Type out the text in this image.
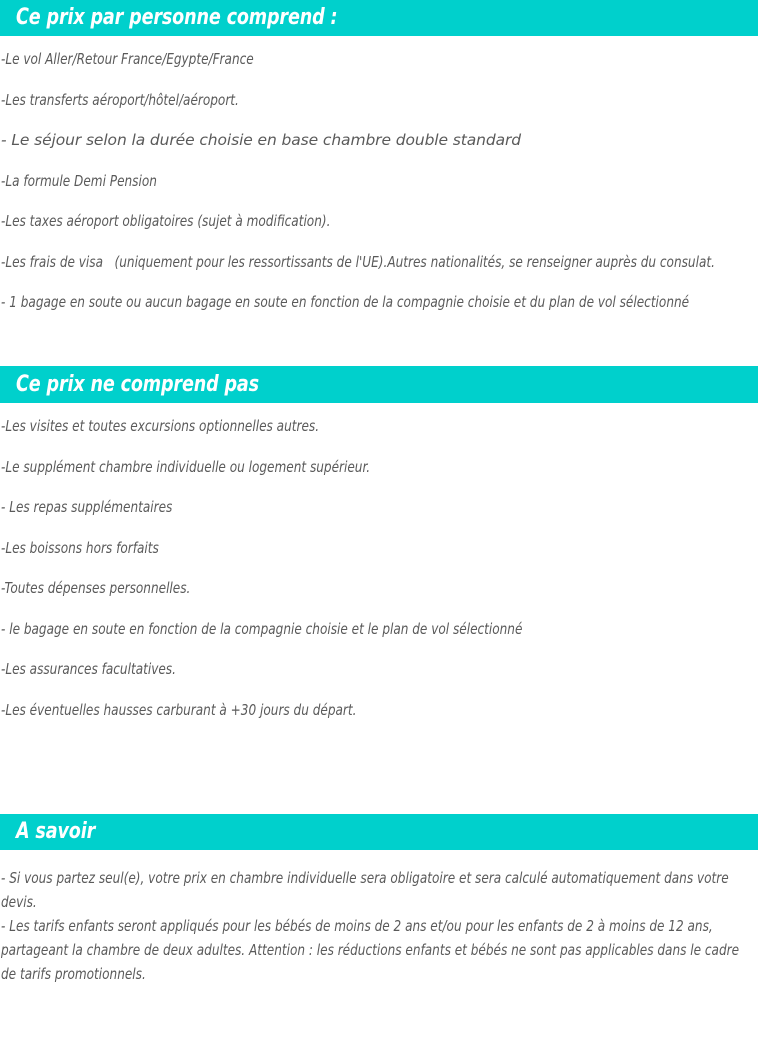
Ce prix par personne comprend :

-Le vol Aller/Retour France/Egypte/France

-Les transferts aéroport/hôtel/aéroport.

- Le séjour selon la durée choisie en base chambre double standard

-La formule Demi Pension

-Les taxes aéroport obligatoires (sujet à modification).

-Les frais de visa   (uniquement pour les ressortissants de l'UE).Autres nationalités, se renseigner auprès du consulat.

- 1 bagage en soute ou aucun bagage en soute en fonction de la compagnie choisie et du plan de vol sélectionné

Ce prix ne comprend pas

-Les visites et toutes excursions optionnelles autres.

-Le supplément chambre individuelle ou logement supérieur.

- Les repas supplémentaires

-Les boissons hors forfaits

-Toutes dépenses personnelles.

- le bagage en soute en fonction de la compagnie choisie et le plan de vol sélectionné

-Les assurances facultatives.

-Les éventuelles hausses carburant à +30 jours du départ.

A savoir

- Si vous partez seul(e), votre prix en chambre individuelle sera obligatoire et sera calculé automatiquement dans votre devis.

- Les tarifs enfants seront appliqués pour les bébés de moins de 2 ans et/ou pour les enfants de 2 à moins de 12 ans, partageant la chambre de deux adultes. Attention : les réductions enfants et bébés ne sont pas applicables dans le cadre de tarifs promotionnels.
